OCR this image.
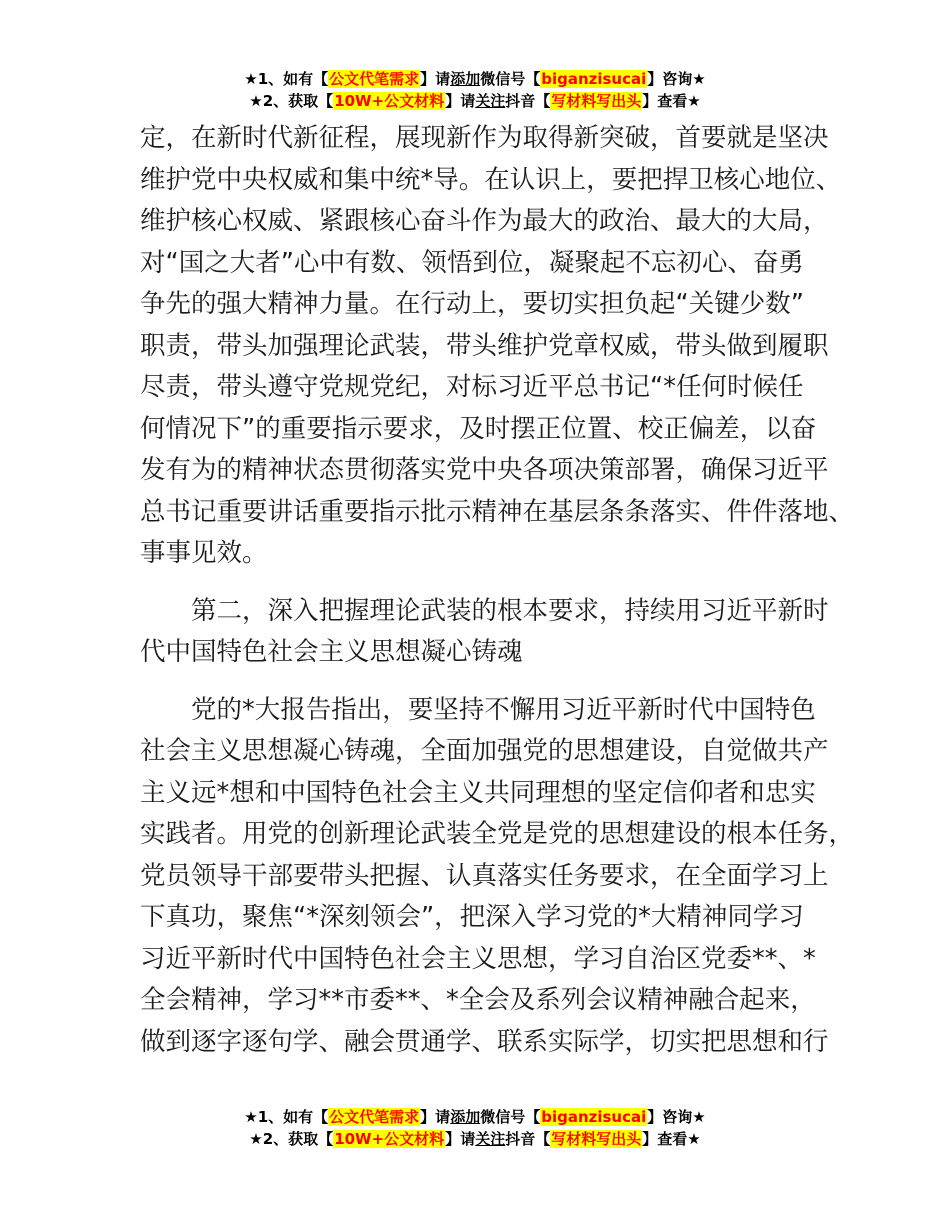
★1、如有【公文代笔需求】请添加微信号【biganzisucai】咨询★
★2、获取【10W+公文材料】请关注抖音【写材料写出头】查看★
定，在新时代新征程，展现新作为取得新突破，首要就是坚决
维护党中央权威和集中统*导。在认识上，要把捍卫核心地位、
维护核心权威、紧跟核心奋斗作为最大的政治、最大的大局，
对“国之大者”心中有数、领悟到位，凝聚起不忘初心、奋勇
争先的强大精神力量。在行动上，要切实担负起“关键少数”
职责，带头加强理论武装，带头维护党章权威，带头做到履职
尽责，带头遵守党规党纪，对标习近平总书记“*任何时候任
何情况下”的重要指示要求，及时摆正位置、校正偏差，以奋
发有为的精神状态贯彻落实党中央各项决策部署，确保习近平
总书记重要讲话重要指示批示精神在基层条条落实、件件落地、
事事见效。
　　第二，深入把握理论武装的根本要求，持续用习近平新时
代中国特色社会主义思想凝心铸魂
　　党的*大报告指出，要坚持不懈用习近平新时代中国特色
社会主义思想凝心铸魂，全面加强党的思想建设，自觉做共产
主义远*想和中国特色社会主义共同理想的坚定信仰者和忠实
实践者。用党的创新理论武装全党是党的思想建设的根本任务，
党员领导干部要带头把握、认真落实任务要求，在全面学习上
下真功，聚焦“*深刻领会”，把深入学习党的*大精神同学习
习近平新时代中国特色社会主义思想，学习自治区党委**、*
全会精神，学习**市委**、*全会及系列会议精神融合起来，
做到逐字逐句学、融会贯通学、联系实际学，切实把思想和行
★1、如有【公文代笔需求】请添加微信号【biganzisucai】咨询★
★2、获取【10W+公文材料】请关注抖音【写材料写出头】查看★
